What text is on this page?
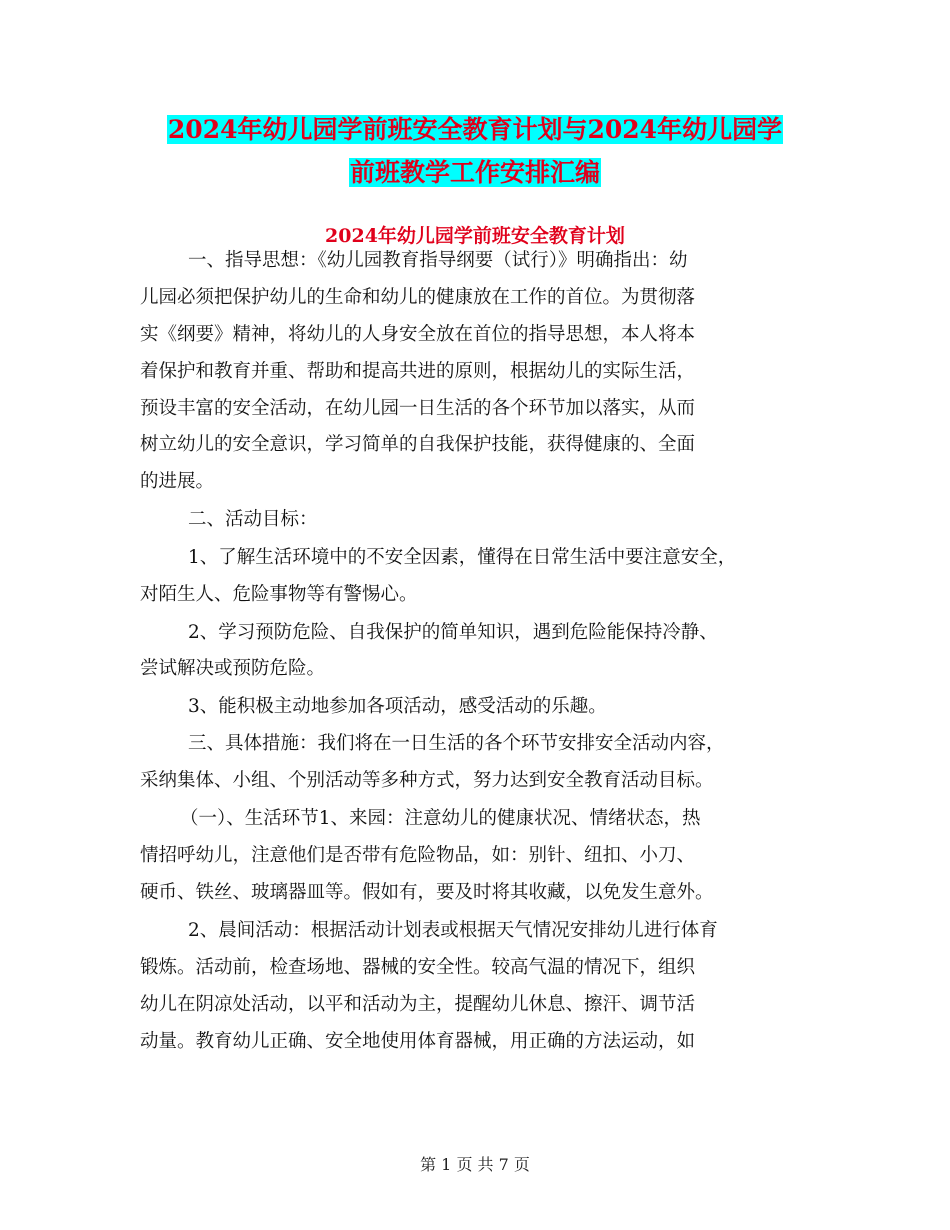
2024年幼儿园学前班安全教育计划与2024年幼儿园学
前班教学工作安排汇编
2024年幼儿园学前班安全教育计划
一、指导思想：《幼儿园教育指导纲要（试行）》明确指出：幼
儿园必须把保护幼儿的生命和幼儿的健康放在工作的首位。为贯彻落
实《纲要》精神，将幼儿的人身安全放在首位的指导思想，本人将本
着保护和教育并重、帮助和提高共进的原则，根据幼儿的实际生活，
预设丰富的安全活动，在幼儿园一日生活的各个环节加以落实，从而
树立幼儿的安全意识，学习简单的自我保护技能，获得健康的、全面
的进展。
二、活动目标：
1、了解生活环境中的不安全因素，懂得在日常生活中要注意安全，
对陌生人、危险事物等有警惕心。
2、学习预防危险、自我保护的简单知识，遇到危险能保持冷静、
尝试解决或预防危险。
3、能积极主动地参加各项活动，感受活动的乐趣。
三、具体措施：我们将在一日生活的各个环节安排安全活动内容，
采纳集体、小组、个别活动等多种方式，努力达到安全教育活动目标。
（一）、生活环节1、来园：注意幼儿的健康状况、情绪状态，热
情招呼幼儿，注意他们是否带有危险物品，如：别针、纽扣、小刀、
硬币、铁丝、玻璃器皿等。假如有，要及时将其收藏，以免发生意外。
2、晨间活动：根据活动计划表或根据天气情况安排幼儿进行体育
锻炼。活动前，检查场地、器械的安全性。较高气温的情况下，组织
幼儿在阴凉处活动，以平和活动为主，提醒幼儿休息、擦汗、调节活
动量。教育幼儿正确、安全地使用体育器械，用正确的方法运动，如
第 1 页 共 7 页
